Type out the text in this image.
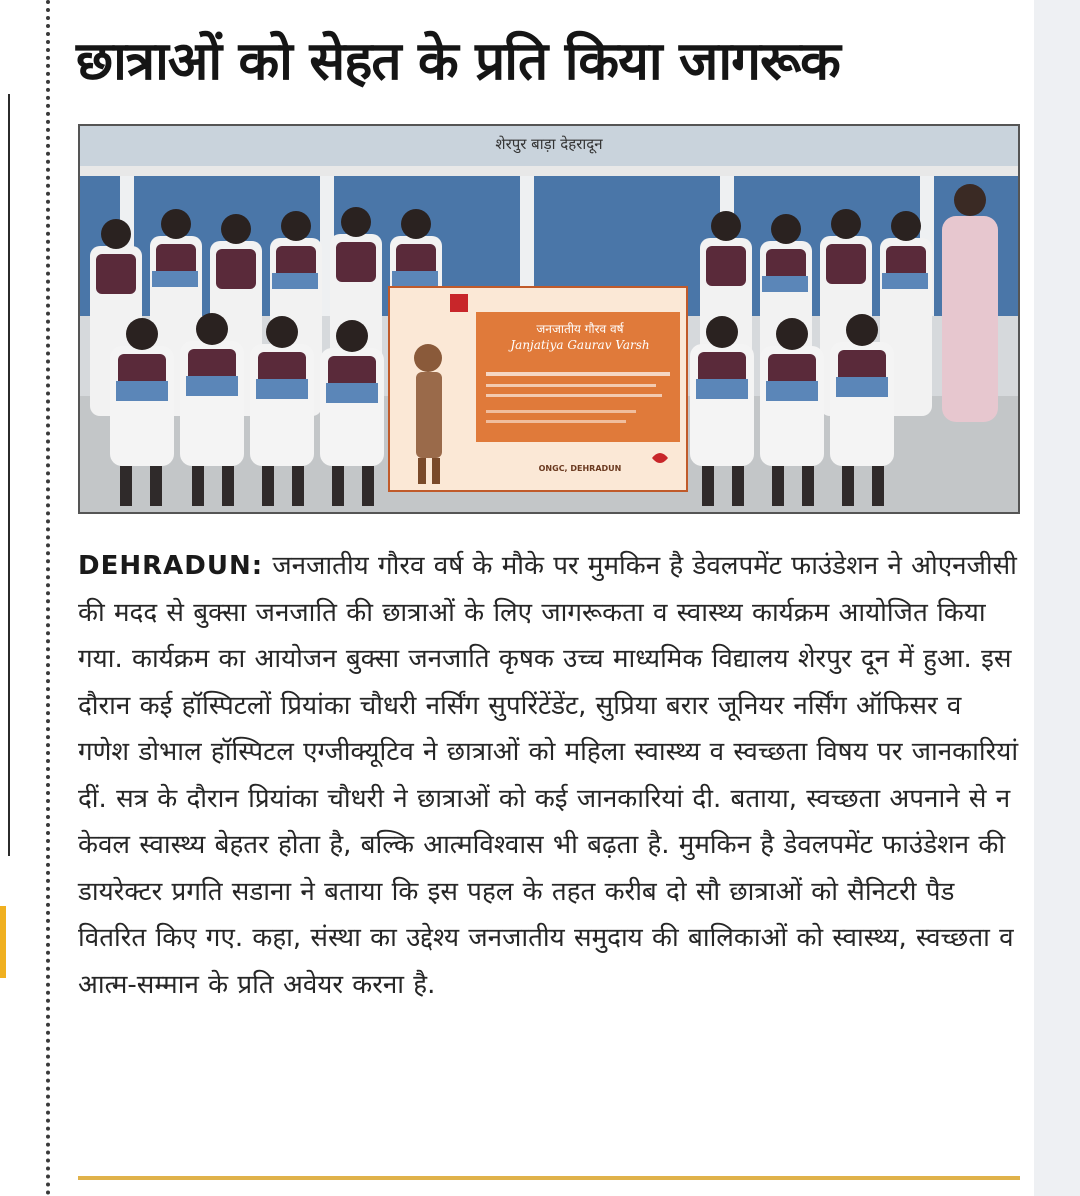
छात्राओं को सेहत के प्रति किया जागरूक
शेरपुर बाड़ा देहरादून
जनजातीय गौरव वर्ष
Janjatiya Gaurav Varsh
ONGC, DEHRADUN

DEHRADUN: जनजातीय गौरव वर्ष के मौके पर मुमकिन है डेवलपमेंट फाउंडेशन ने ओएनजीसी की मदद से बुक्सा जनजाति की छात्राओं के लिए जागरूकता व स्वास्थ्य कार्यक्रम आयोजित किया गया. कार्यक्रम का आयोजन बुक्सा जनजाति कृषक उच्च माध्यमिक विद्यालय शेरपुर दून में हुआ. इस दौरान कई हॉस्पिटलों प्रियांका चौधरी नर्सिंग सुपरिंटेंडेंट, सुप्रिया बरार जूनियर नर्सिंग ऑफिसर व गणेश डोभाल हॉस्पिटल एग्जीक्यूटिव ने छात्राओं को महिला स्वास्थ्य व स्वच्छता विषय पर जानकारियां दीं. सत्र के दौरान प्रियांका चौधरी ने छात्राओं को कई जानकारियां दी. बताया, स्वच्छता अपनाने से न केवल स्वास्थ्य बेहतर होता है, बल्कि आत्मविश्वास भी बढ़ता है. मुमकिन है डेवलपमेंट फाउंडेशन की डायरेक्टर प्रगति सडाना ने बताया कि इस पहल के तहत करीब दो सौ छात्राओं को सैनिटरी पैड वितरित किए गए. कहा, संस्था का उद्देश्य जनजातीय समुदाय की बालिकाओं को स्वास्थ्य, स्वच्छता व आत्म-सम्मान के प्रति अवेयर करना है.
